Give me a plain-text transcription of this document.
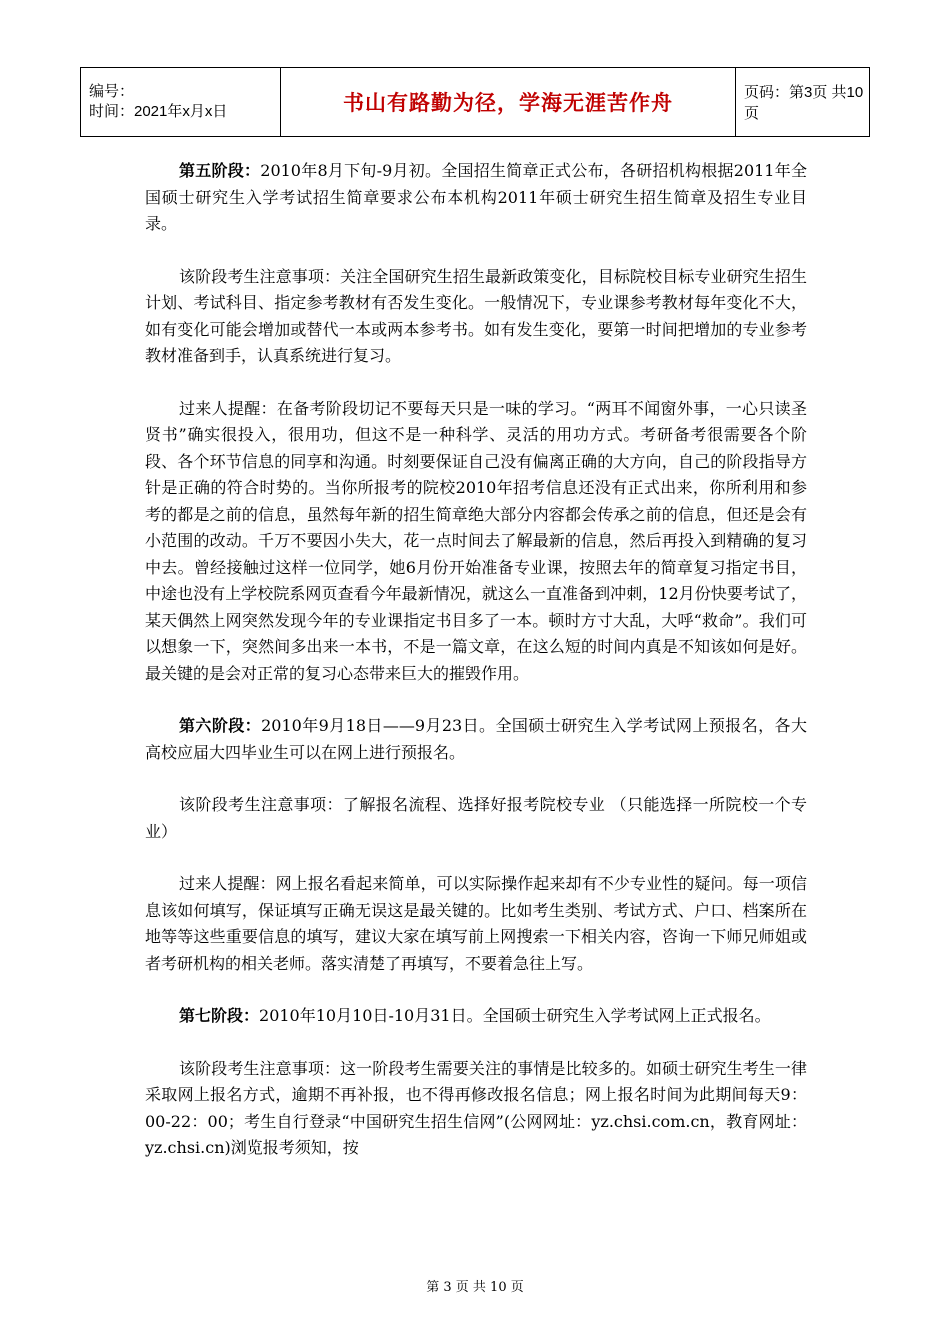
编号：
时间：2021年x月x日	书山有路勤为径，学海无涯苦作舟	页码：第3页 共10页

第五阶段：2010年8月下旬-9月初。全国招生简章正式公布，各研招机构根据2011年全国硕士研究生入学考试招生简章要求公布本机构2011年硕士研究生招生简章及招生专业目录。

该阶段考生注意事项：关注全国研究生招生最新政策变化，目标院校目标专业研究生招生计划、考试科目、指定参考教材有否发生变化。一般情况下，专业课参考教材每年变化不大，如有变化可能会增加或替代一本或两本参考书。如有发生变化，要第一时间把增加的专业参考教材准备到手，认真系统进行复习。

过来人提醒：在备考阶段切记不要每天只是一味的学习。“两耳不闻窗外事，一心只读圣贤书”确实很投入，很用功，但这不是一种科学、灵活的用功方式。考研备考很需要各个阶段、各个环节信息的同享和沟通。时刻要保证自己没有偏离正确的大方向，自己的阶段指导方针是正确的符合时势的。当你所报考的院校2010年招考信息还没有正式出来，你所利用和参考的都是之前的信息，虽然每年新的招生简章绝大部分内容都会传承之前的信息，但还是会有小范围的改动。千万不要因小失大，花一点时间去了解最新的信息，然后再投入到精确的复习中去。曾经接触过这样一位同学，她6月份开始准备专业课，按照去年的简章复习指定书目，中途也没有上学校院系网页查看今年最新情况，就这么一直准备到冲刺，12月份快要考试了，某天偶然上网突然发现今年的专业课指定书目多了一本。顿时方寸大乱，大呼“救命”。我们可以想象一下，突然间多出来一本书，不是一篇文章，在这么短的时间内真是不知该如何是好。最关键的是会对正常的复习心态带来巨大的摧毁作用。

第六阶段：2010年9月18日——9月23日。全国硕士研究生入学考试网上预报名，各大高校应届大四毕业生可以在网上进行预报名。

该阶段考生注意事项：了解报名流程、选择好报考院校专业 （只能选择一所院校一个专业）

过来人提醒：网上报名看起来简单，可以实际操作起来却有不少专业性的疑问。每一项信息该如何填写，保证填写正确无误这是最关键的。比如考生类别、考试方式、户口、档案所在地等等这些重要信息的填写，建议大家在填写前上网搜索一下相关内容，咨询一下师兄师姐或者考研机构的相关老师。落实清楚了再填写，不要着急往上写。

第七阶段：2010年10月10日-10月31日。全国硕士研究生入学考试网上正式报名。

该阶段考生注意事项：这一阶段考生需要关注的事情是比较多的。如硕士研究生考生一律采取网上报名方式，逾期不再补报，也不得再修改报名信息；网上报名时间为此期间每天9：00-22：00；考生自行登录“中国研究生招生信网”(公网网址：yz.chsi.com.cn，教育网址：yz.chsi.cn)浏览报考须知，按

第 3 页 共 10 页
